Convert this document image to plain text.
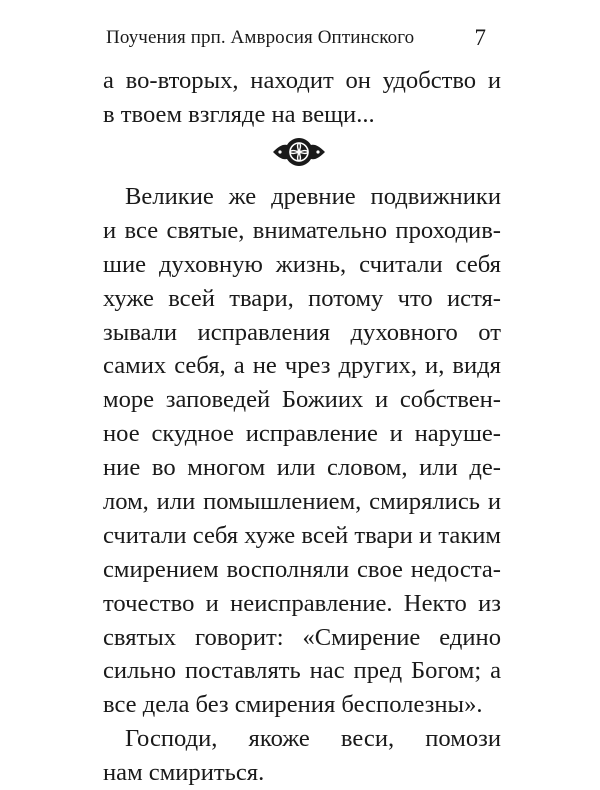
Поучения прп. Амвросия Оптинского	7
а во-вторых, находит он удобство и
в твоем взгляде на вещи...
Великие же древние подвижники
и все святые, внимательно проходив-
шие духовную жизнь, считали себя
хуже всей твари, потому что истя-
зывали исправления духовного от
самих себя, а не чрез других, и, видя
море заповедей Божиих и собствен-
ное скудное исправление и наруше-
ние во многом или словом, или де-
лом, или помышлением, смирялись и
считали себя хуже всей твари и таким
смирением восполняли свое недоста-
точество и неисправление. Некто из
святых говорит: «Смирение едино
сильно поставлять нас пред Богом; а
все дела без смирения бесполезны».
Господи, якоже веси, помози
нам смириться.
